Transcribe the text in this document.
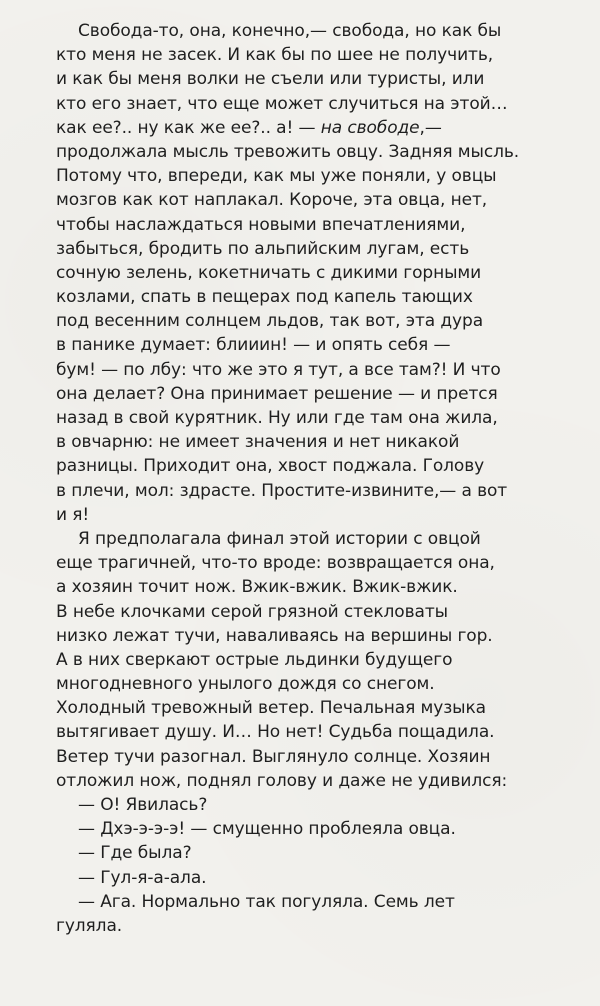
Свобода-то, она, конечно,— свобода, но как бы
кто меня не засек. И как бы по шее не получить,
и как бы меня волки не съели или туристы, или
кто его знает, что еще может случиться на этой…
как ее?.. ну как же ее?.. а! — на свободе,—
продолжала мысль тревожить овцу. Задняя мысль.
Потому что, впереди, как мы уже поняли, у овцы
мозгов как кот наплакал. Короче, эта овца, нет,
чтобы наслаждаться новыми впечатлениями,
забыться, бродить по альпийским лугам, есть
сочную зелень, кокетничать с дикими горными
козлами, спать в пещерах под капель тающих
под весенним солнцем льдов, так вот, эта дура
в панике думает: блииин! — и опять себя —
бум! — по лбу: что же это я тут, а все там?! И что
она делает? Она принимает решение — и прется
назад в свой курятник. Ну или где там она жила,
в овчарню: не имеет значения и нет никакой
разницы. Приходит она, хвост поджала. Голову
в плечи, мол: здрасте. Простите-извините,— а вот
и я!
Я предполагала финал этой истории с овцой
еще трагичней, что-то вроде: возвращается она,
а хозяин точит нож. Вжик-вжик. Вжик-вжик.
В небе клочками серой грязной стекловаты
низко лежат тучи, наваливаясь на вершины гор.
А в них сверкают острые льдинки будущего
многодневного унылого дождя со снегом.
Холодный тревожный ветер. Печальная музыка
вытягивает душу. И… Но нет! Судьба пощадила.
Ветер тучи разогнал. Выглянуло солнце. Хозяин
отложил нож, поднял голову и даже не удивился:
— О! Явилась?
— Дхэ-э-э-э! — смущенно проблеяла овца.
— Где была?
— Гул-я-а-ала.
— Ага. Нормально так погуляла. Семь лет
гуляла.
